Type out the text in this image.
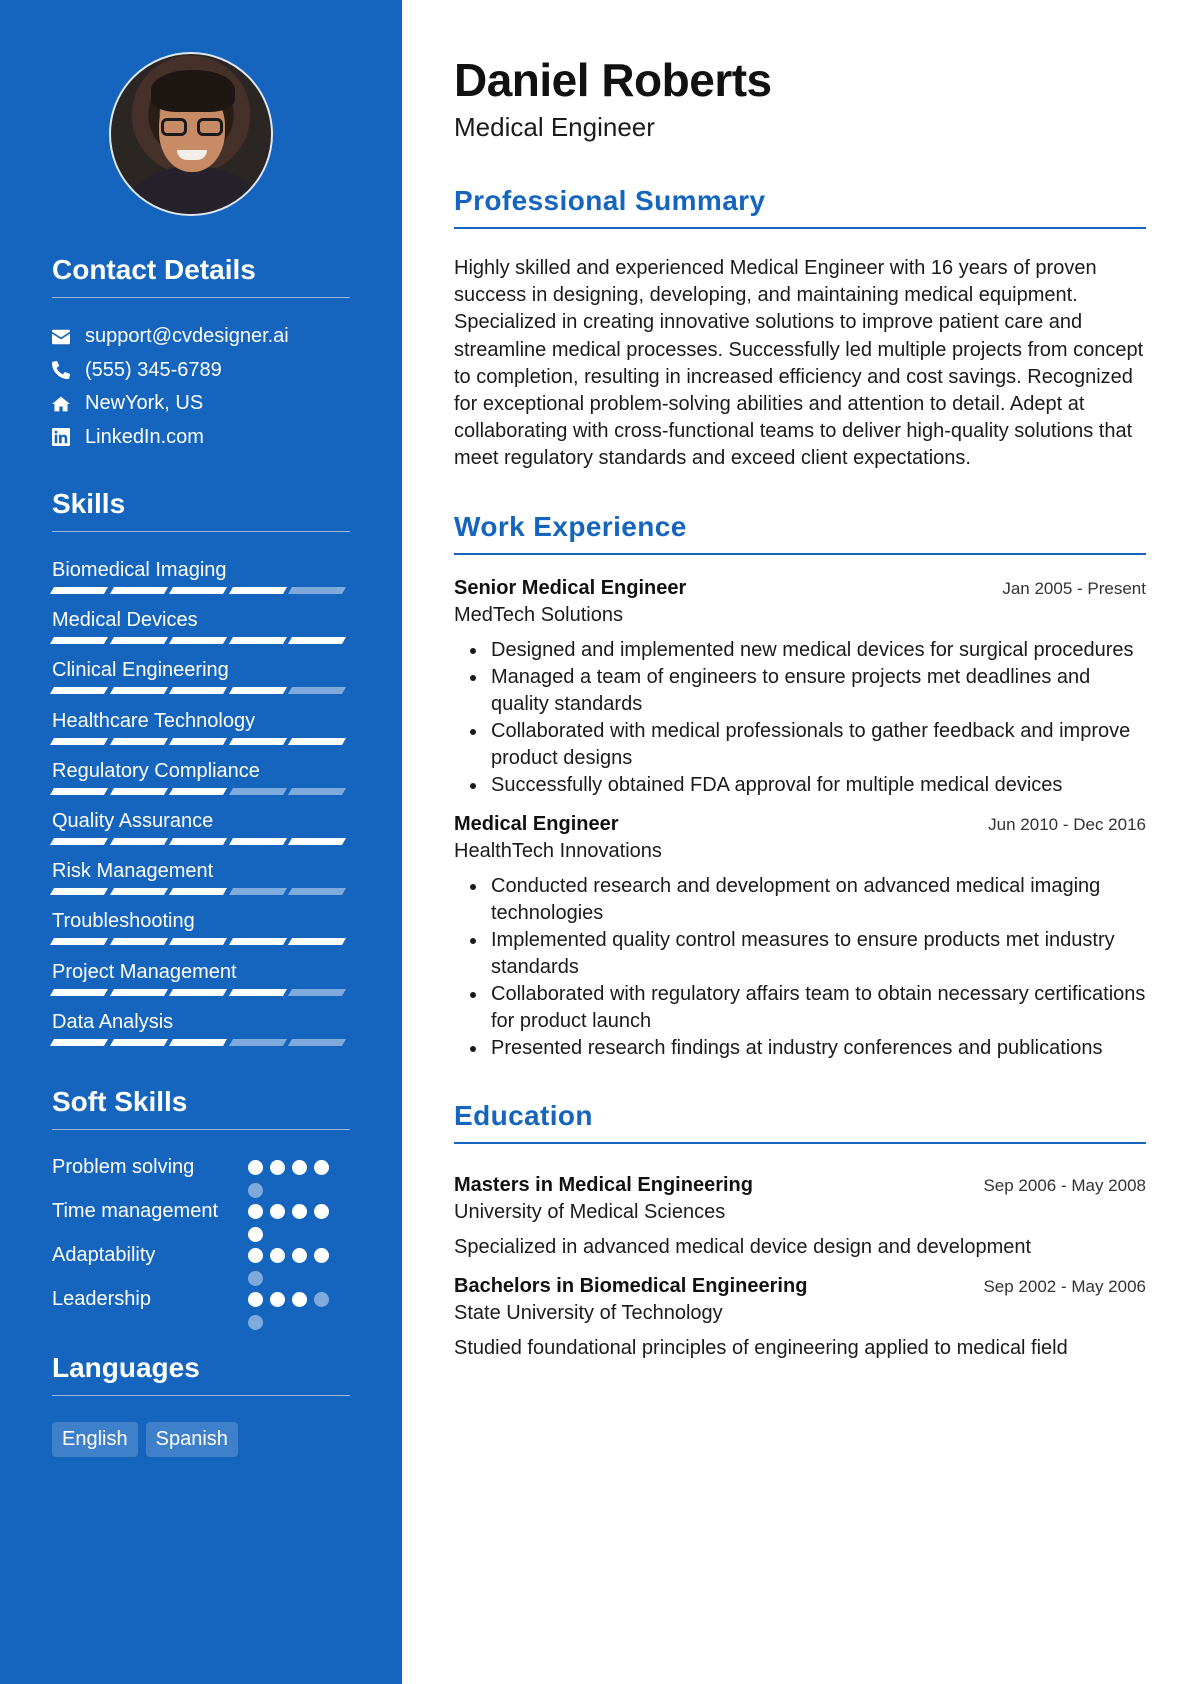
Contact Details
support@cvdesigner.ai
(555) 345-6789
NewYork, US
LinkedIn.com
Skills
Biomedical Imaging
Medical Devices
Clinical Engineering
Healthcare Technology
Regulatory Compliance
Quality Assurance
Risk Management
Troubleshooting
Project Management
Data Analysis
Soft Skills
Problem solving
Time management
Adaptability
Leadership
Languages
English	Spanish
Daniel Roberts
Medical Engineer
Professional Summary

Highly skilled and experienced Medical Engineer with 16 years of proven success in designing, developing, and maintaining medical equipment. Specialized in creating innovative solutions to improve patient care and streamline medical processes. Successfully led multiple projects from concept to completion, resulting in increased efficiency and cost savings. Recognized for exceptional problem-solving abilities and attention to detail. Adept at collaborating with cross-functional teams to deliver high-quality solutions that meet regulatory standards and exceed client expectations.

Work Experience
Senior Medical Engineer	Jan 2005 - Present
MedTech Solutions
Designed and implemented new medical devices for surgical procedures
Managed a team of engineers to ensure projects met deadlines and quality standards
Collaborated with medical professionals to gather feedback and improve product designs
Successfully obtained FDA approval for multiple medical devices
Medical Engineer	Jun 2010 - Dec 2016
HealthTech Innovations
Conducted research and development on advanced medical imaging technologies
Implemented quality control measures to ensure products met industry standards
Collaborated with regulatory affairs team to obtain necessary certifications for product launch
Presented research findings at industry conferences and publications
Education
Masters in Medical Engineering	Sep 2006 - May 2008
University of Medical Sciences
Specialized in advanced medical device design and development
Bachelors in Biomedical Engineering	Sep 2002 - May 2006
State University of Technology
Studied foundational principles of engineering applied to medical field
